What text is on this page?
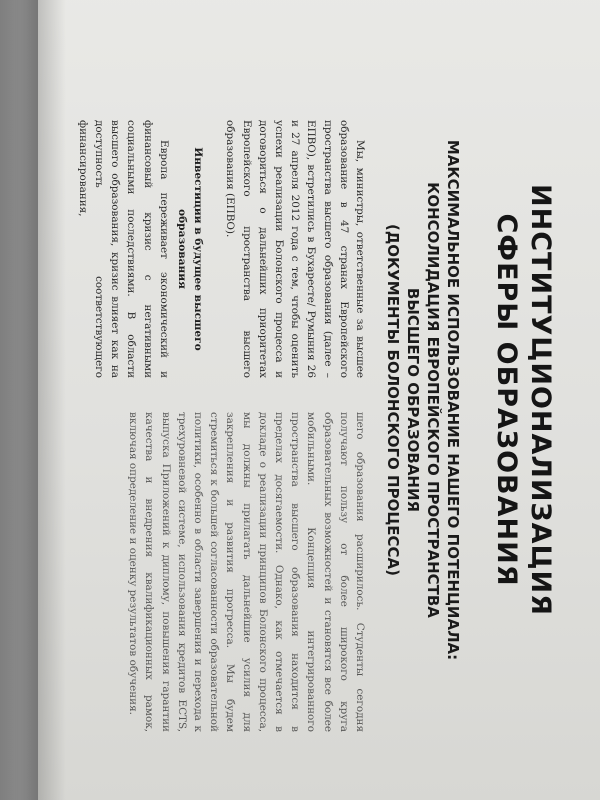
ИНСТИТУЦИОНАЛИЗАЦИЯ
СФЕРЫ ОБРАЗОВАНИЯ
МАКСИМАЛЬНОЕ ИСПОЛЬЗОВАНИЕ НАШЕГО ПОТЕНЦИАЛА:
КОНСОЛИДАЦИЯ ЕВРОПЕЙСКОГО ПРОСТРАНСТВА
ВЫСШЕГО ОБРАЗОВАНИЯ
(ДОКУМЕНТЫ БОЛОНСКОГО ПРОЦЕССА)

Мы, министры, ответственные за высшее образование в 47 странах Европейского пространства высшего образования (далее – ЕПВО), встретились в Бухаресте/ Румыния 26 и 27 апреля 2012 года с тем, чтобы оценить успехи реализации Болонского процесса и договориться о дальнейших приоритетах Европейского пространства высшего образования (ЕПВО).

Инвестиции в будущее высшего образования

Европа переживает экономический и финансовый кризис с негативными социальными последствиями. В области высшего образования, кризис влияет как на доступность соответствующего финансирования,

шего образования расширилось. Студенты сегодня получают пользу от более широкого круга образовательных возможностей и становятся все более мобильными. Концепция интегрированного пространства высшего образования находится в пределах досягаемости. Однако, как отмечается в докладе о реализации принципов Болонского процесса, мы должны прилагать дальнейшие усилия для закрепления и развития прогресса. Мы будем стремиться к большей согласованности образовательной политики, особенно в области завершения и перехода к трехуровневой системе, использования кредитов ECTS, выпуска Приложений к диплому, повышения гарантии качества и внедрения квалификационных рамок, включая определение и оценку результатов обучения.
